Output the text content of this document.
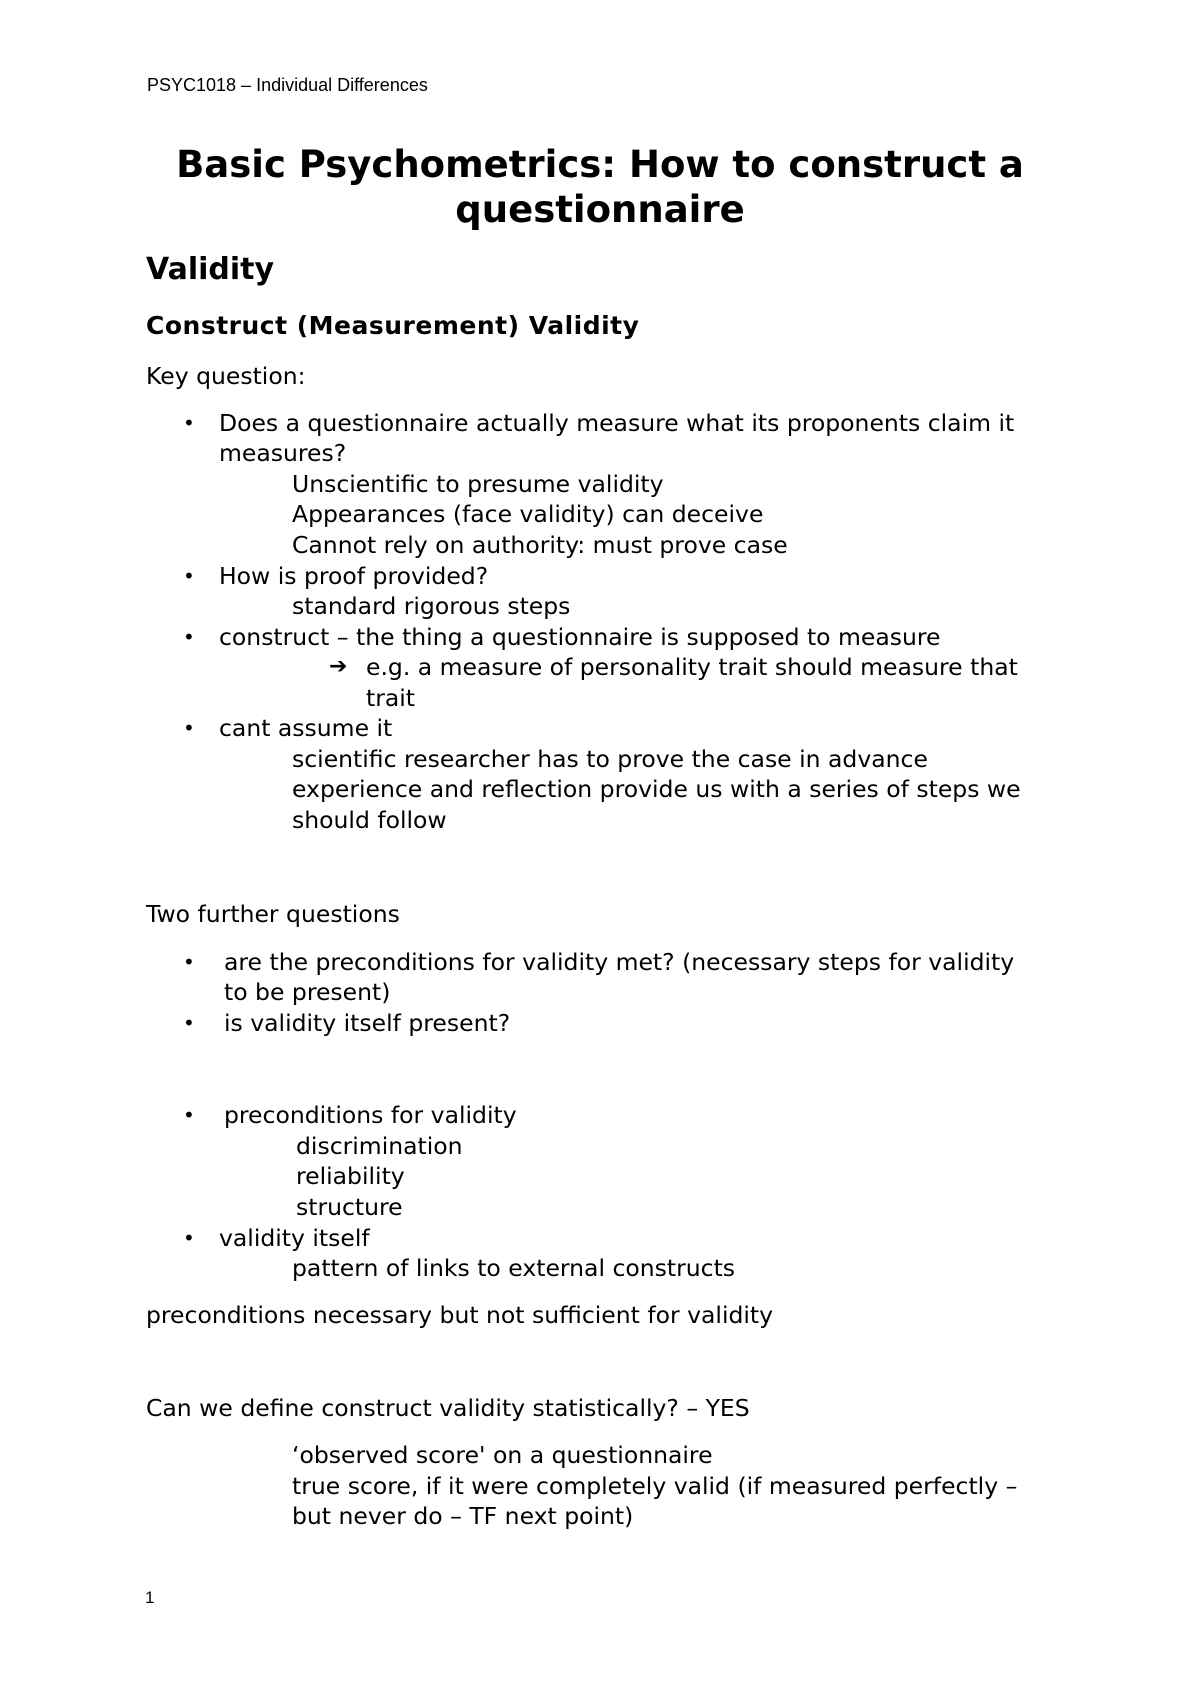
PSYC1018 – Individual Differences
Basic Psychometrics: How to construct a questionnaire
Validity
Construct (Measurement) Validity
Key question:
• Does a questionnaire actually measure what its proponents claim it
measures?
Unscientific to presume validity
Appearances (face validity) can deceive
Cannot rely on authority: must prove case
• How is proof provided?
standard rigorous steps
• construct – the thing a questionnaire is supposed to measure
➔ e.g. a measure of personality trait should measure that
trait
• cant assume it
scientific researcher has to prove the case in advance
experience and reflection provide us with a series of steps we
should follow
Two further questions
• are the preconditions for validity met? (necessary steps for validity
to be present)
• is validity itself present?
• preconditions for validity
discrimination
reliability
structure
• validity itself
pattern of links to external constructs
preconditions necessary but not sufficient for validity
Can we define construct validity statistically? – YES
‘observed score' on a questionnaire
true score, if it were completely valid (if measured perfectly –
but never do – TF next point)
1
